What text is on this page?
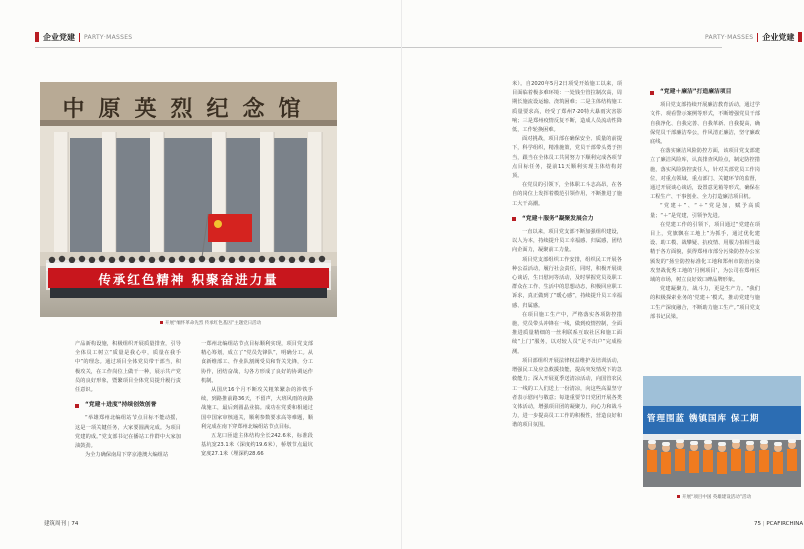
企业党建 PARTY·MASSES
中原英烈纪念馆
传承红色精神 积聚奋进力量
开展“缅怀革命先烈 传承红色基因”主题党日活动

产品新构设施，积极组织开展质量排查，引导全体员工树立“质量是我心中，质量在我手中”的理念。通过项目全体党员带干部当，积极攻关，在工作岗位上做干一种，展示共产党员的良好形象，暨繁项目全体党员提升履行责任意识。

“党建＋进度”持续创效创誉

“举雄郑州北编组站节点目标不能动摇，这是一项关键任务，大家要圆满完成。为项目党建的成。”党支部书记在播站工作群中大家加油鼓劲。

为全力确保南局下穿京港澳大编组站

一郑州北编组站节点目标顺利实现，项目党支部精心筹划，成立了“党员先锋队”，明确分工。从食新维部工、作业队割阀受员和背关先锋，分工协作，团结奋战，勾各方形成了良好的协调运作机制。

从国庆16个月不断攻关粗笨繁杂的涉铁手续，到路推前路36天，不留声，大班风雨的夜路战施工，最后到圆晶业搞。成功在党委和相通过国中国家审核通关，顺利参数要求高等难题，顺利完成在南下穿郑州北编组站节点目标。

五龙口匝道主体结构全长242.6米，标准段基坑宽23.1米（深度约19.6米），桥墩节点最坑宽度27.1米（埋深约28.66

建筑周刊 | 74
PARTY·MASSES 企业党建

米）。自2020年5月2日项受开始施工以来，项目面临着极多难环境：一处钱尘管拉制次高，周期长施流设运输、浇筑困难；二是主体结构施工质量要求高，经受了郑州7·20特大暴雨灾害影响；三是郑州疫情反复不断，造成人员流动性降低，工作轮换困难。

面对挑战，项目部在确保安全、质量的前提下，科学组织，精准施策，党员干部带头勇于担当，跟当在全体员工共同努力下顺利完成各项节点目标任务，提前11天顺利实现主体结构封顶。

在党员的引领下，全体职工斗志高昂，在各自的岗位上发挥着模范引领作用，不断推进了施工大干高潮。

“党建＋服务”凝聚发展合力

一直以来，项目党支部不断加强组织建设，以人为本，持续提升员工幸福感、归属感，团结向企面力，凝聚前工力量。

项目党支部组织工作安排，组织民工开展各种公益活动，履行社会责任，同时，积极开展谈心谈话，生日慰问等活动，及时掌握党员及职工群众在工作、生活中的思想动态，积极回应职工诉求，真正做到了“暖心感”，持续提升员工幸福感、归属感。

在项目施工生产中，严格落实各项防控措施，党员带头冲锋在一线，做到疫情控制，全面推进质量精细的一丝利联系互取社区和施工面续“上门”服务，以对较人员“足不出户”完成检测。

项目部组织开展法律权益维护及培训活动，增强民工及应急救援技能，提高突发情况下的急救能力；深入开展夏季送清凉活动，向国管农民工一线的工人们送上一份清凉，向这些高温坚守者表示慰问与敬意；每逢重要节日党团开展各类文体活动，增强项目团的凝聚力，向心力和战斗力，进一步提高员工工作的积极性，营造良好和谐的项目氛围。

“党建＋廉洁”打造廉洁项目

项目党支部持续开展廉洁教育活动，通过学文件、观看警示案例等形式，不断增强党员干部自我净化、自我完善、自我革新、自我提高，确保党员干部廉洁奉公，作风清正廉洁，坚守廉政底线。

在落实廉洁风险防控方面，该项目党支部建立了廉洁风险库，认真排查风险点，制定防控措施，落实风险防控责任人，针对关部党员工作岗位，对重点领域、重点部门、关键环节的监督，通过开展谈心谈话，设置意见箱等形式，确保在工程生产、干事创业、全力打造廉洁项目机。

“党建＋”、“＋”党是加，赋予高质量；“＋”是党建，引领争先进。

在党建工作的引领下，项目通过“党建在项目上，党旗飘在工地上”为抓手，通过优化建设、助工模、战攀疑、抗疫情、用服力拍相当最精于各方面貌，获得郑州市部分污染防控办公室颁发的“扬尘防控标准化工地和郑州市防治污染攻坚战优秀工地的‘月例项目’，为公司在郑州区域的市场，树立良好效口碑品牌形象。

党建凝聚力，战斗力，更是生产力。“我们的积极探索业务的‘党建＋’模式，推动党建与施工生产深度融合，不断助力施工生产。”项目党支部书记民梁。

管理围蓝 镌镇国库 保工期
开展“项目中国 英雄建设活动”活动
75 | PCAFIRCHINA
